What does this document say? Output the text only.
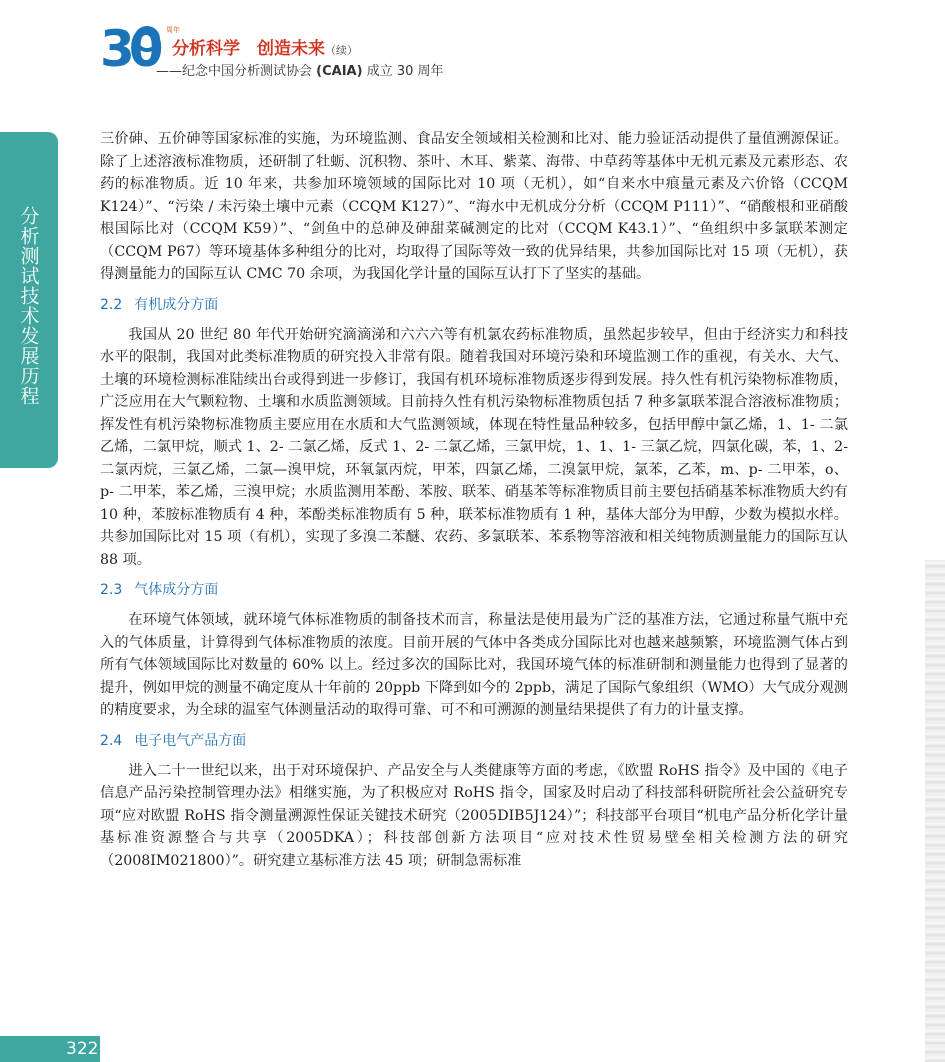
30 周年
分析科学　创造未来（续）
——纪念中国分析测试协会 (CAIA) 成立 30 周年
分析测试技术发展历程

三价砷、五价砷等国家标准的实施，为环境监测、食品安全领域相关检测和比对、能力验证活动提供了量值溯源保证。除了上述溶液标准物质，还研制了牡蛎、沉积物、茶叶、木耳、紫菜、海带、中草药等基体中无机元素及元素形态、农药的标准物质。近 10 年来，共参加环境领域的国际比对 10 项（无机），如“自来水中痕量元素及六价铬（CCQM K124）”、“污染 / 未污染土壤中元素（CCQM K127）”、“海水中无机成分分析（CCQM P111）”、“硝酸根和亚硝酸根国际比对（CCQM K59）”、“剑鱼中的总砷及砷甜菜碱测定的比对（CCQM K43.1）”、“鱼组织中多氯联苯测定（CCQM P67）等环境基体多种组分的比对，均取得了国际等效一致的优异结果，共参加国际比对 15 项（无机），获得测量能力的国际互认 CMC 70 余项，为我国化学计量的国际互认打下了坚实的基础。

2.2 有机成分方面

我国从 20 世纪 80 年代开始研究滴滴涕和六六六等有机氯农药标准物质，虽然起步较早，但由于经济实力和科技水平的限制，我国对此类标准物质的研究投入非常有限。随着我国对环境污染和环境监测工作的重视，有关水、大气、土壤的环境检测标准陆续出台或得到进一步修订，我国有机环境标准物质逐步得到发展。持久性有机污染物标准物质，广泛应用在大气颗粒物、土壤和水质监测领域。目前持久性有机污染物标准物质包括 7 种多氯联苯混合溶液标准物质；挥发性有机污染物标准物质主要应用在水质和大气监测领域，体现在特性量品种较多，包括甲醇中氯乙烯，1、1- 二氯乙烯，二氯甲烷，顺式 1、2- 二氯乙烯，反式 1、2- 二氯乙烯，三氯甲烷，1、1、1- 三氯乙烷，四氯化碳，苯，1、2- 二氯丙烷，三氯乙烯，二氯—溴甲烷，环氧氯丙烷，甲苯，四氯乙烯，二溴氯甲烷，氯苯，乙苯，m、p- 二甲苯，o、p- 二甲苯，苯乙烯，三溴甲烷；水质监测用苯酚、苯胺、联苯、硝基苯等标准物质目前主要包括硝基苯标准物质大约有 10 种，苯胺标准物质有 4 种，苯酚类标准物质有 5 种，联苯标准物质有 1 种，基体大部分为甲醇，少数为模拟水样。共参加国际比对 15 项（有机），实现了多溴二苯醚、农药、多氯联苯、苯系物等溶液和相关纯物质测量能力的国际互认 88 项。

2.3 气体成分方面

在环境气体领域，就环境气体标准物质的制备技术而言，称量法是使用最为广泛的基准方法，它通过称量气瓶中充入的气体质量，计算得到气体标准物质的浓度。目前开展的气体中各类成分国际比对也越来越频繁，环境监测气体占到所有气体领域国际比对数量的 60% 以上。经过多次的国际比对，我国环境气体的标准研制和测量能力也得到了显著的提升，例如甲烷的测量不确定度从十年前的 20ppb 下降到如今的 2ppb，满足了国际气象组织（WMO）大气成分观测的精度要求，为全球的温室气体测量活动的取得可靠、可不和可溯源的测量结果提供了有力的计量支撑。

2.4 电子电气产品方面

进入二十一世纪以来，出于对环境保护、产品安全与人类健康等方面的考虑，《欧盟 RoHS 指令》及中国的《电子信息产品污染控制管理办法》相继实施，为了积极应对 RoHS 指令，国家及时启动了科技部科研院所社会公益研究专项“应对欧盟 RoHS 指令测量溯源性保证关键技术研究（2005DIB5J124）”；科技部平台项目“机电产品分析化学计量基标准资源整合与共享（2005DKA）；科技部创新方法项目“应对技术性贸易壁垒相关检测方法的研究（2008IM021800）”。研究建立基标准方法 45 项；研制急需标准

322
